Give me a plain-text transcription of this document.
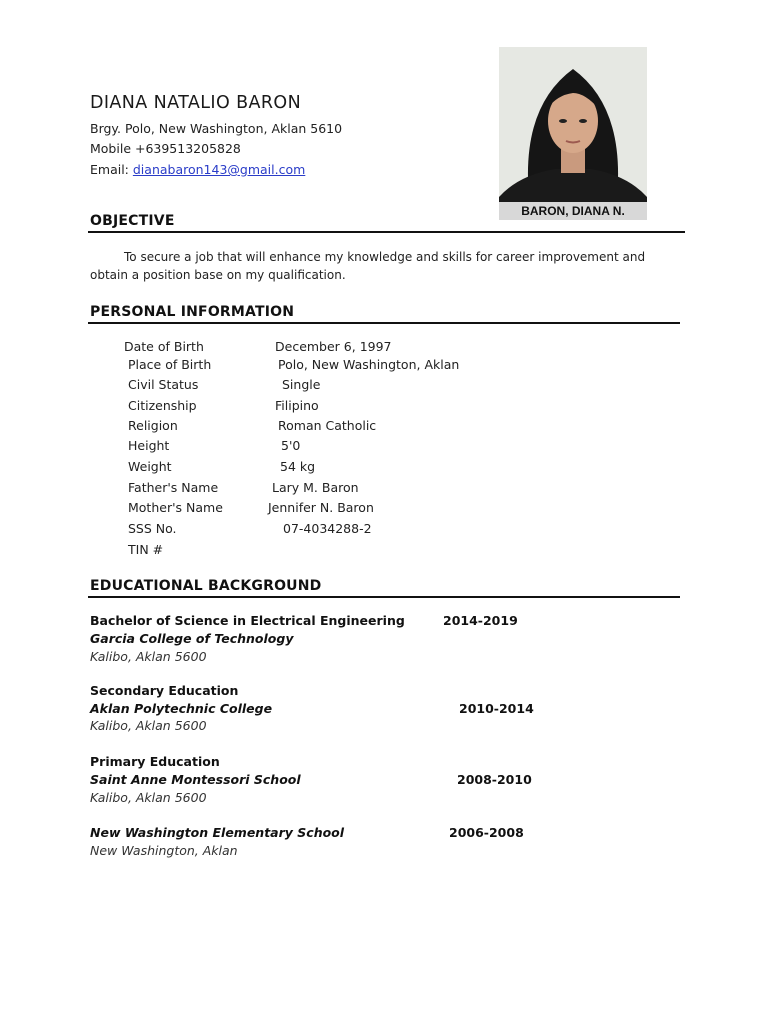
DIANA NATALIO BARON
Brgy. Polo, New Washington, Aklan 5610
Mobile +639513205828
Email: dianabaron143@gmail.com
BARON, DIANA N.
OBJECTIVE
To secure a job that will enhance my knowledge and skills for career improvement and obtain a position base on my qualification.
PERSONAL INFORMATION
Date of Birth	December 6, 1997
Place of Birth	Polo, New Washington, Aklan
Civil Status	Single
Citizenship	Filipino
Religion	Roman Catholic
Height	5'0
Weight	54 kg
Father's Name	Lary M. Baron
Mother's Name	Jennifer N. Baron
SSS No.	07-4034288-2
TIN #
EDUCATIONAL BACKGROUND
Bachelor of Science in Electrical Engineering	2014-2019
Garcia College of Technology
Kalibo, Aklan 5600
Secondary Education
Aklan Polytechnic College	2010-2014
Kalibo, Aklan 5600
Primary Education
Saint Anne Montessori School	2008-2010
Kalibo, Aklan 5600
New Washington Elementary School	2006-2008
New Washington, Aklan
